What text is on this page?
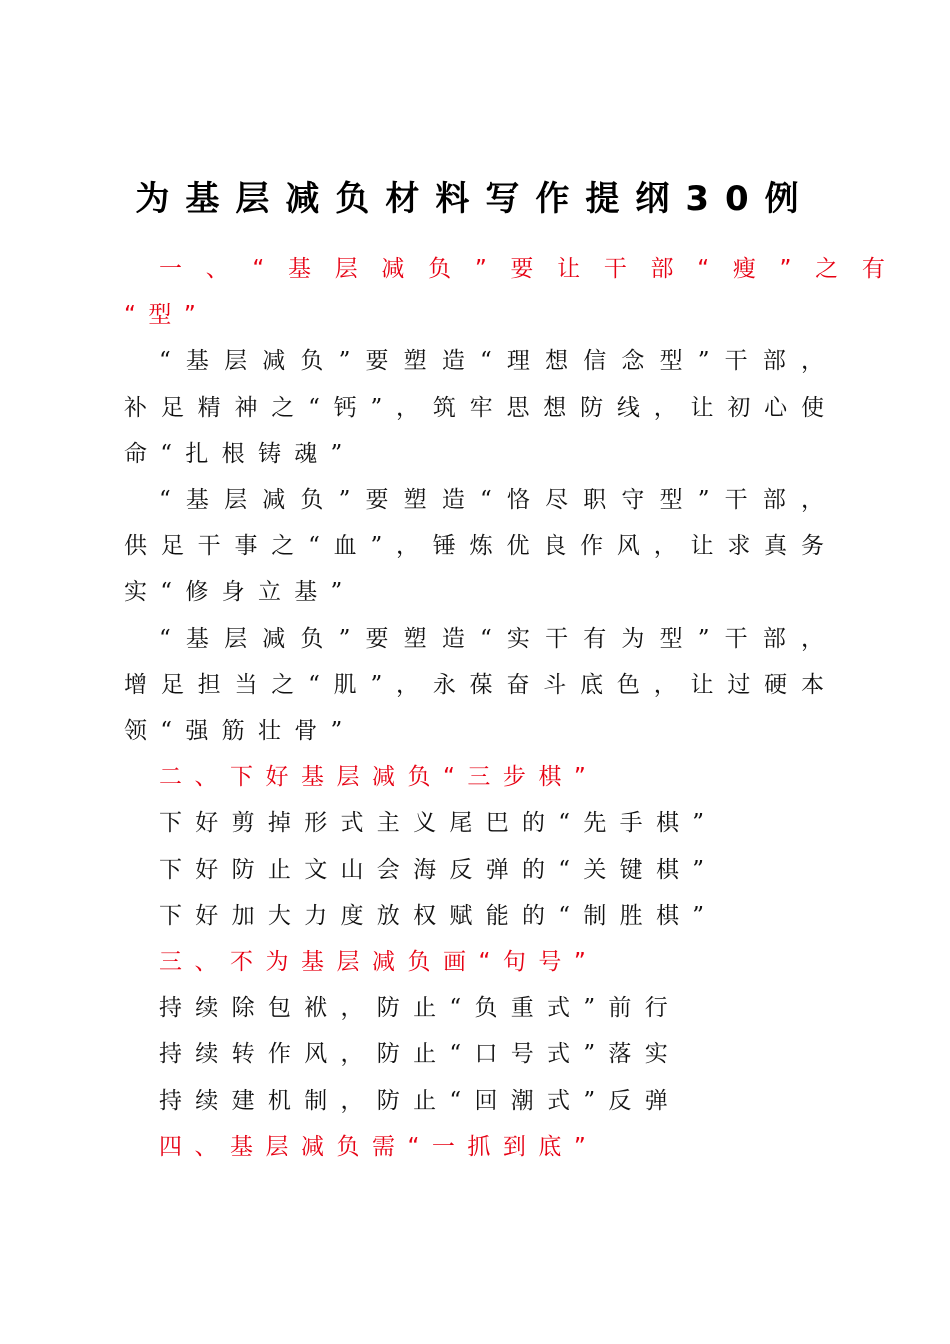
为基层减负材料写作提纲30例
一、“基层减负”要让干部“瘦”之有
“型”
“基层减负”要塑造“理想信念型”干部，
补足精神之“钙”，筑牢思想防线，让初心使
命“扎根铸魂”
“基层减负”要塑造“恪尽职守型”干部，
供足干事之“血”，锤炼优良作风，让求真务
实“修身立基”
“基层减负”要塑造“实干有为型”干部，
增足担当之“肌”，永葆奋斗底色，让过硬本
领“强筋壮骨”
二、下好基层减负“三步棋”
下好剪掉形式主义尾巴的“先手棋”
下好防止文山会海反弹的“关键棋”
下好加大力度放权赋能的“制胜棋”
三、不为基层减负画“句号”
持续除包袱，防止“负重式”前行
持续转作风，防止“口号式”落实
持续建机制，防止“回潮式”反弹
四、基层减负需“一抓到底”
